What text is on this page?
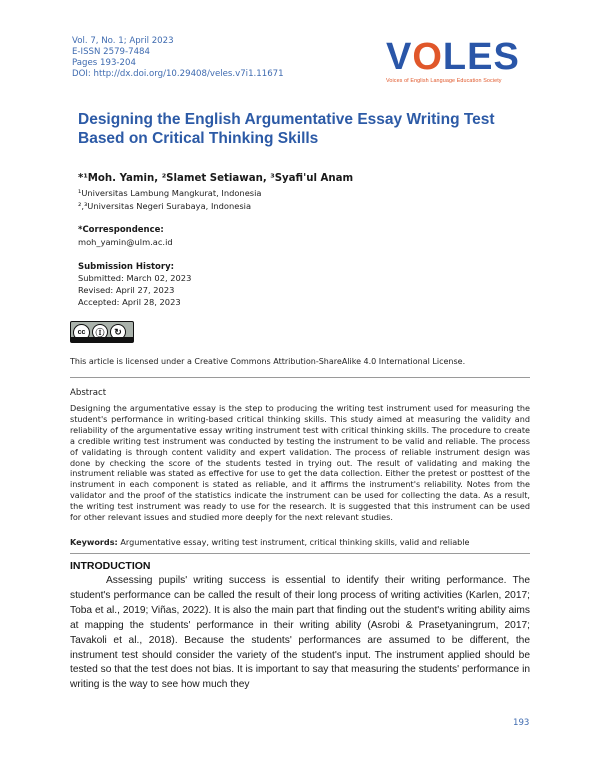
Vol. 7, No. 1; April 2023
E-ISSN 2579-7484
Pages 193-204
DOI: http://dx.doi.org/10.29408/veles.v7i1.11671	V O LES
Voices of English Language Education Society
Designing the English Argumentative Essay Writing Test Based on Critical Thinking Skills
*¹Moh. Yamin, ²Slamet Setiawan, ³Syafi'ul Anam
¹Universitas Lambung Mangkurat, Indonesia
²,³Universitas Negeri Surabaya, Indonesia
*Correspondence:
moh_yamin@ulm.ac.id
Submission History:
Submitted: March 02, 2023
Revised: April 27, 2023
Accepted: April 28, 2023
cc	Ⓘ	↻
This article is licensed under a Creative Commons Attribution-ShareAlike 4.0 International License.
Abstract

Designing the argumentative essay is the step to producing the writing test instrument used for measuring the student's performance in writing-based critical thinking skills. This study aimed at measuring the validity and reliability of the argumentative essay writing instrument test with critical thinking skills. The procedure to create a credible writing test instrument was conducted by testing the instrument to be valid and reliable. The process of validating is through content validity and expert validation. The process of reliable instrument design was done by checking the score of the students tested in trying out. The result of validating and making the instrument reliable was stated as effective for use to get the data collection. Either the pretest or posttest of the instrument in each component is stated as reliable, and it affirms the instrument's reliability. Notes from the validator and the proof of the statistics indicate the instrument can be used for collecting the data. As a result, the writing test instrument was ready to use for the research. It is suggested that this instrument can be used for other relevant issues and studied more deeply for the next relevant studies.

Keywords: Argumentative essay, writing test instrument, critical thinking skills, valid and reliable
INTRODUCTION

Assessing pupils' writing success is essential to identify their writing performance. The student's performance can be called the result of their long process of writing activities (Karlen, 2017; Toba et al., 2019; Viñas, 2022). It is also the main part that finding out the student's writing ability aims at mapping the students' performance in their writing ability (Asrobi & Prasetyaningrum, 2017; Tavakoli et al., 2018). Because the students' performances are assumed to be different, the instrument test should consider the variety of the student's input. The instrument applied should be tested so that the test does not bias. It is important to say that measuring the students' performance in writing is the way to see how much they

193
